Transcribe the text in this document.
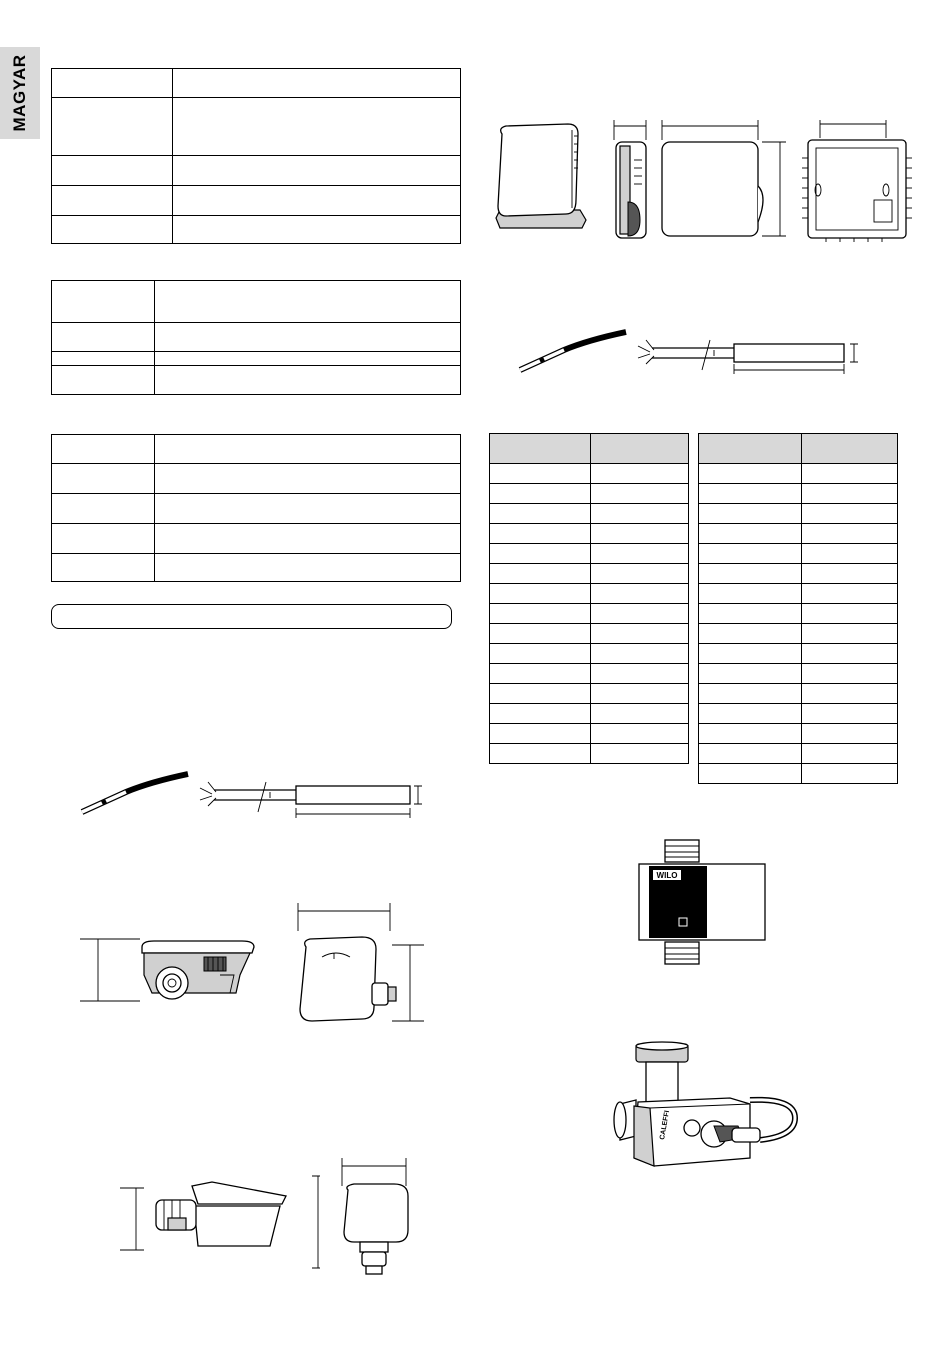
MAGYAR

WILO
CALEFFI
